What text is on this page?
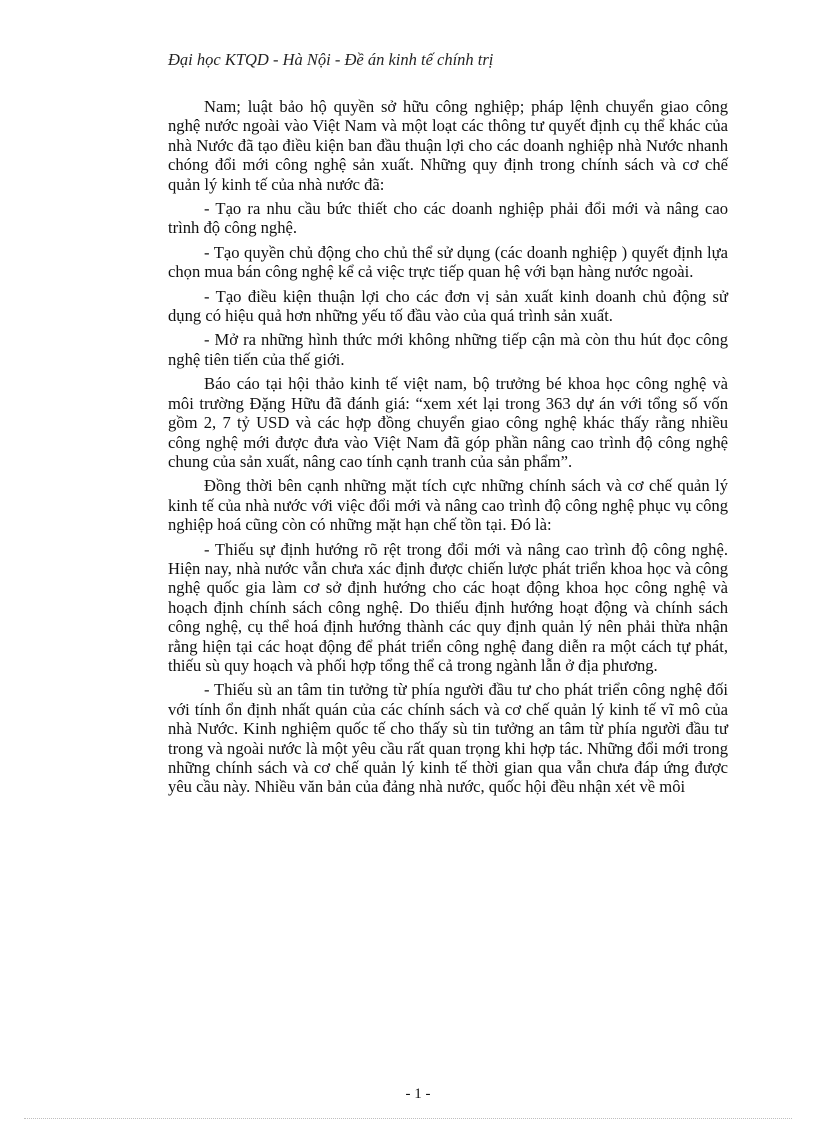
Đại học KTQD - Hà Nội - Đề án kinh tế chính trị

Nam; luật bảo hộ quyền sở hữu công nghiệp; pháp lệnh chuyển giao công nghệ nước ngoài vào Việt Nam và một loạt các thông tư quyết định cụ thể khác của nhà Nước đã tạo điều kiện ban đầu thuận lợi cho các doanh nghiệp nhà Nước nhanh chóng đổi mới công nghệ sản xuất. Những quy định trong chính sách và cơ chế quản lý kinh tế của nhà nước đã:

- Tạo ra nhu cầu bức thiết cho các doanh nghiệp phải đổi mới và nâng cao trình độ công nghệ.

- Tạo quyền chủ động cho chủ thể sử dụng (các doanh nghiệp ) quyết định lựa chọn mua bán công nghệ kể cả việc trực tiếp quan hệ với bạn hàng nước ngoài.

- Tạo điều kiện thuận lợi cho các đơn vị sản xuất kinh doanh chủ động sử dụng có hiệu quả hơn những yếu tố đầu vào của quá trình sản xuất.

- Mở ra những hình thức mới không những tiếp cận mà còn thu hút đọc công nghệ tiên tiến của thế giới.

Báo cáo tại hội thảo kinh tế việt nam, bộ trưởng bé khoa học công nghệ và môi trường Đặng Hữu đã đánh giá: “xem xét lại trong 363 dự án với tổng số vốn gồm 2, 7 tỷ USD và các hợp đồng chuyển giao công nghệ khác thấy rằng nhiều công nghệ mới được đưa vào Việt Nam đã góp phần nâng cao trình độ công nghệ chung của sản xuất, nâng cao tính cạnh tranh của sản phẩm”.

Đồng thời bên cạnh những mặt tích cực những chính sách và cơ chế quản lý kinh tế của nhà nước với việc đổi mới và nâng cao trình độ công nghệ phục vụ công nghiệp hoá cũng còn có những mặt hạn chế tồn tại. Đó là:

- Thiếu sự định hướng rõ rệt trong đổi mới và nâng cao trình độ công nghệ. Hiện nay, nhà nước vẫn chưa xác định được chiến lược phát triển khoa học và công nghệ quốc gia làm cơ sở định hướng cho các hoạt động khoa học công nghệ và hoạch định chính sách công nghệ. Do thiếu định hướng hoạt động và chính sách công nghệ, cụ thể hoá định hướng thành các quy định quản lý nên phải thừa nhận rằng hiện tại các hoạt động để phát triển công nghệ đang diễn ra một cách tự phát, thiếu sù quy hoạch và phối hợp tổng thể cả trong ngành lẫn ở địa phương.

- Thiếu sù an tâm tin tưởng từ phía người đầu tư cho phát triển công nghệ đối với tính ổn định nhất quán của các chính sách và cơ chế quản lý kinh tế vĩ mô của nhà Nước. Kinh nghiệm quốc tế cho thấy sù tin tưởng an tâm từ phía người đầu tư trong và ngoài nước là một yêu cầu rất quan trọng khi hợp tác. Những đổi mới trong những chính sách và cơ chế quản lý kinh tế thời gian qua vẫn chưa đáp ứng được yêu cầu này. Nhiều văn bản của đảng nhà nước, quốc hội đều nhận xét về môi

- 1 -
